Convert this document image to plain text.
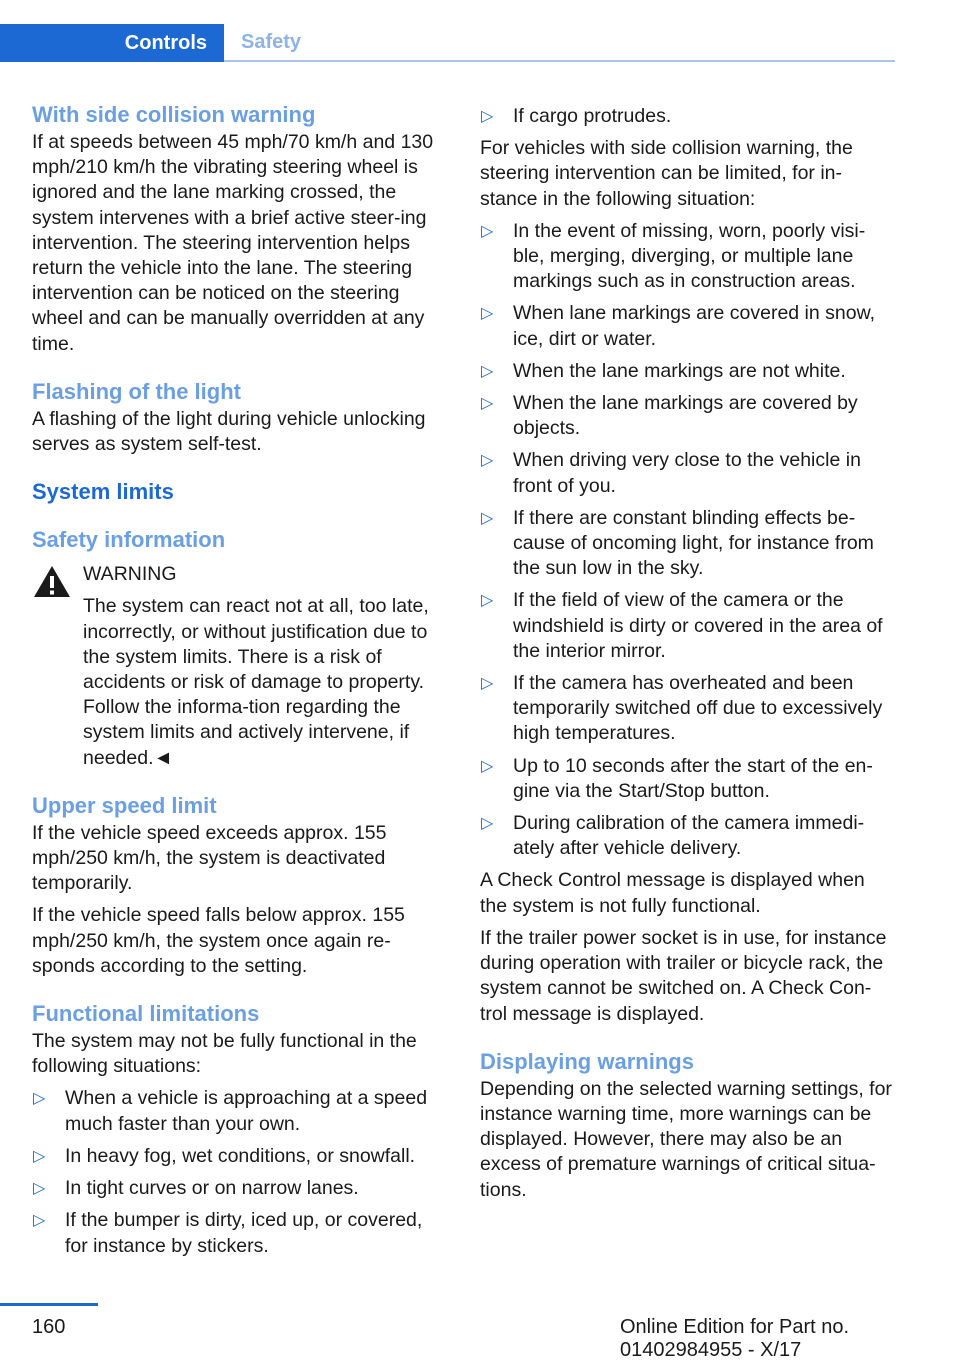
Controls	Safety
With side collision warning

If at speeds between 45 mph/70 km/h and 130 mph/210 km/h the vibrating steering wheel is ignored and the lane marking crossed, the system intervenes with a brief active steer-ing intervention. The steering intervention helps return the vehicle into the lane. The steering intervention can be noticed on the steering wheel and can be manually overridden at any time.

Flashing of the light

A flashing of the light during vehicle unlocking serves as system self-test.

System limits
Safety information
WARNING

The system can react not at all, too late, incorrectly, or without justification due to the system limits. There is a risk of accidents or risk of damage to property. Follow the informa-tion regarding the system limits and actively intervene, if needed.◄

Upper speed limit

If the vehicle speed exceeds approx. 155 mph/250 km/h, the system is deactivated temporarily.

If the vehicle speed falls below approx. 155 mph/250 km/h, the system once again re-sponds according to the setting.

Functional limitations

The system may not be fully functional in the following situations:

▷ When a vehicle is approaching at a speed much faster than your own.
▷ In heavy fog, wet conditions, or snowfall.
▷ In tight curves or on narrow lanes.
▷ If the bumper is dirty, iced up, or covered, for instance by stickers.
▷ If cargo protrudes.

For vehicles with side collision warning, the steering intervention can be limited, for in-stance in the following situation:

▷ In the event of missing, worn, poorly visi-ble, merging, diverging, or multiple lane markings such as in construction areas.
▷ When lane markings are covered in snow, ice, dirt or water.
▷ When the lane markings are not white.
▷ When the lane markings are covered by objects.
▷ When driving very close to the vehicle in front of you.
▷ If there are constant blinding effects be-cause of oncoming light, for instance from the sun low in the sky.
▷ If the field of view of the camera or the windshield is dirty or covered in the area of the interior mirror.
▷ If the camera has overheated and been temporarily switched off due to excessively high temperatures.
▷ Up to 10 seconds after the start of the en-gine via the Start/Stop button.
▷ During calibration of the camera immedi-ately after vehicle delivery.

A Check Control message is displayed when the system is not fully functional.

If the trailer power socket is in use, for instance during operation with trailer or bicycle rack, the system cannot be switched on. A Check Con-trol message is displayed.

Displaying warnings

Depending on the selected warning settings, for instance warning time, more warnings can be displayed. However, there may also be an excess of premature warnings of critical situa-tions.

160	Online Edition for Part no. 01402984955 - X/17
